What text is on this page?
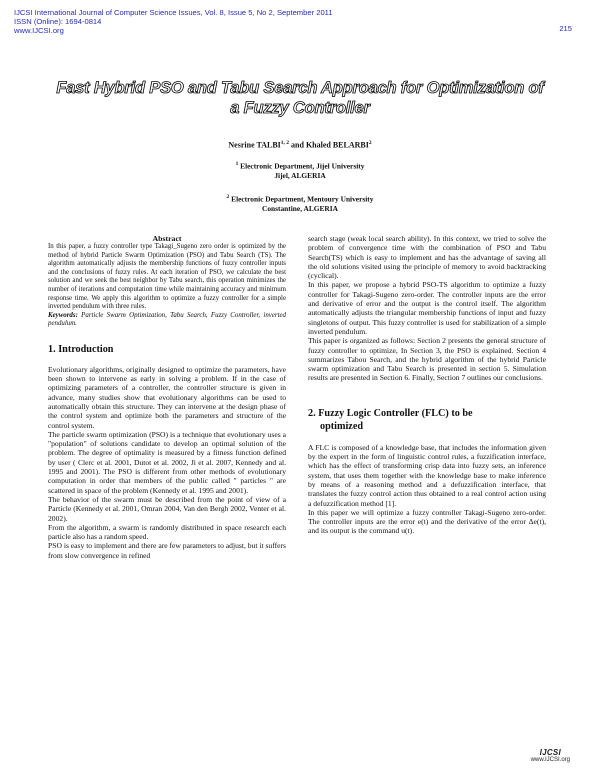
IJCSI International Journal of Computer Science Issues, Vol. 8, Issue 5, No 2, September 2011
ISSN (Online): 1694-0814
www.IJCSI.org	215
Fast Hybrid PSO and Tabu Search Approach for Optimization of
a Fuzzy Controller
Nesrine TALBI$^{1, 2}$ and Khaled BELARBI$^2$
$^1$ Electronic Department, Jijel University
Jijel, ALGERIA
$^2$ Electronic Department, Mentoury University
Constantine, ALGERIA

Abstract

In this paper, a fuzzy controller type Takagi_Sugeno zero order is optimized by the method of hybrid Particle Swarm Optimization (PSO) and Tabu Search (TS). The algorithm automatically adjusts the membership functions of fuzzy controller inputs and the conclusions of fuzzy rules. At each iteration of PSO, we calculate the best solution and we seek the best neighbor by Tabu search, this operation minimizes the number of iterations and computation time while maintaining accuracy and minimum response time. We apply this algorithm to optimize a fuzzy controller for a simple inverted pendulum with three rules.

Keywords: Particle Swarm Optimization, Tabu Search, Fuzzy Controller, inverted pendulum.

1. Introduction

Evolutionary algorithms, originally designed to optimize the parameters, have been shown to intervene as early in solving a problem. If in the case of optimizing parameters of a controller, the controller structure is given in advance, many studies show that evolutionary algorithms can be used to automatically obtain this structure. They can intervene at the design phase of the control system and optimize both the parameters and structure of the control system.

The particle swarm optimization (PSO) is a technique that evolutionary uses a "population" of solutions candidate to develop an optimal solution of the problem. The degree of optimality is measured by a fitness function defined by user ( Clerc et al. 2001, Dutot et al. 2002, Ji et al. 2007, Kennedy and al. 1995 and 2001). The PSO is different from other methods of evolutionary computation in order that members of the public called " particles " are scattered in space of the problem (Kennedy et al. 1995 and 2001).

The behavior of the swarm must be described from the point of view of a Particle (Kennedy et al. 2001, Omran 2004, Van den Bergh 2002, Venter et al. 2002).

From the algorithm, a swarm is randomly distributed in space research each particle also has a random speed.

PSO is easy to implement and there are few parameters to adjust, but it suffers from slow convergence in refined

search stage (weak local search ability). In this context, we tried to solve the problem of convergence time with the combination of PSO and Tabu Search(TS) which is easy to implement and has the advantage of saving all the old solutions visited using the principle of memory to avoid backtracking (cyclical).

In this paper, we propose a hybrid PSO-TS algorithm to optimize a fuzzy controller for Takagi-Sugeno zero-order. The controller inputs are the error and derivative of error and the output is the control itself. The algorithm automatically adjusts the triangular membership functions of input and fuzzy singletons of output. This fuzzy controller is used for stabilization of a simple inverted pendulum.

This paper is organized as follows: Section 2 presents the general structure of fuzzy controller to optimize, In Section 3, the PSO is explained. Section 4 summarizes Tabou Search, and the hybrid algorithm of the hybrid Particle swarm optimization and Tabu Search is presented in section 5. Simulation results are presented in Section 6. Finally, Section 7 outlines our conclusions.

2. Fuzzy Logic Controller (FLC) to be
optimized

A FLC is composed of a knowledge base, that includes the information given by the expert in the form of linguistic control rules, a fuzzification interface, which has the effect of transforming crisp data into fuzzy sets, an inference system, that uses them together with the knowledge base to make inference by means of a reasoning method and a defuzzification interface, that translates the fuzzy control action thus obtained to a real control action using a defuzzification method [1].

In this paper we will optimize a fuzzy controller Takagi-Sugeno zero-order. The controller inputs are the error e(t) and the derivative of the error Δe(t), and its output is the command u(t).

IJCSI
www.IJCSI.org
